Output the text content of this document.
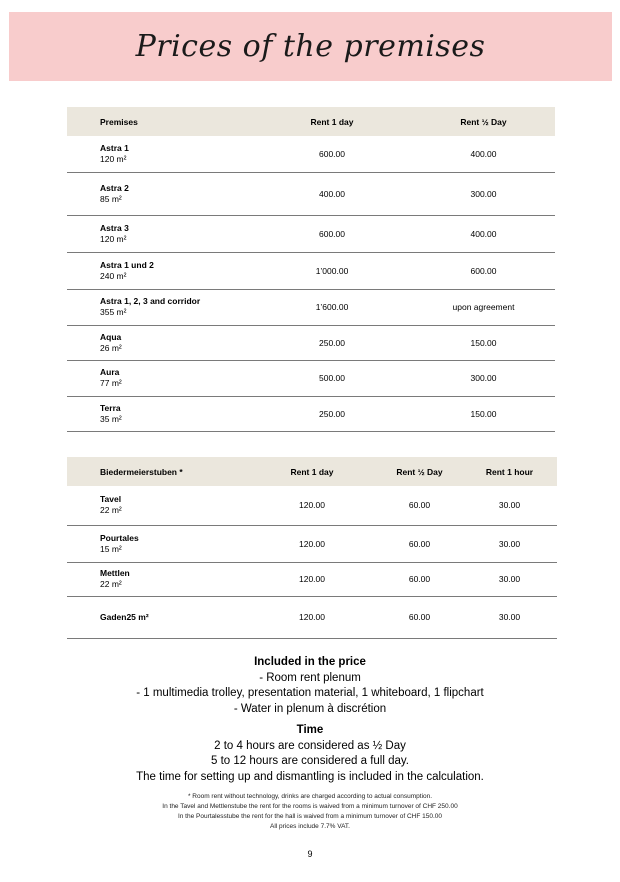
Prices of the premises
Premises	Rent 1 day	Rent ½ Day

Astra 1
120 m²	600.00	400.00

Astra 2
85 m²	400.00	300.00

Astra 3
120 m²	600.00	400.00

Astra 1 und 2
240 m²	1’000.00	600.00

Astra 1, 2, 3 and corridor
355 m²	1’600.00	upon agreement

Aqua
26 m²	250.00	150.00

Aura
77 m²	500.00	300.00

Terra
35 m²	250.00	150.00
Biedermeierstuben *	Rent 1 day	Rent ½ Day	Rent 1 hour

Tavel
22 m²	120.00	60.00	30.00

Pourtales
15 m²	120.00	60.00	30.00

Mettlen
22 m²	120.00	60.00	30.00

Gaden25 m²	120.00	60.00	30.00
Included in the price
- Room rent plenum
- 1 multimedia trolley, presentation material, 1 whiteboard, 1 flipchart
- Water in plenum à discrétion
Time
2 to 4 hours are considered as ½ Day
5 to 12 hours are considered a full day.
The time for setting up and dismantling is included in the calculation.
* Room rent without technology, drinks are charged according to actual consumption.
In the Tavel and Mettlenstube the rent for the rooms is waived from a minimum turnover of CHF 250.00
In the Pourtalesstube the rent for the hall is waived from a minimum turnover of CHF 150.00
All prices include 7.7% VAT.
9
